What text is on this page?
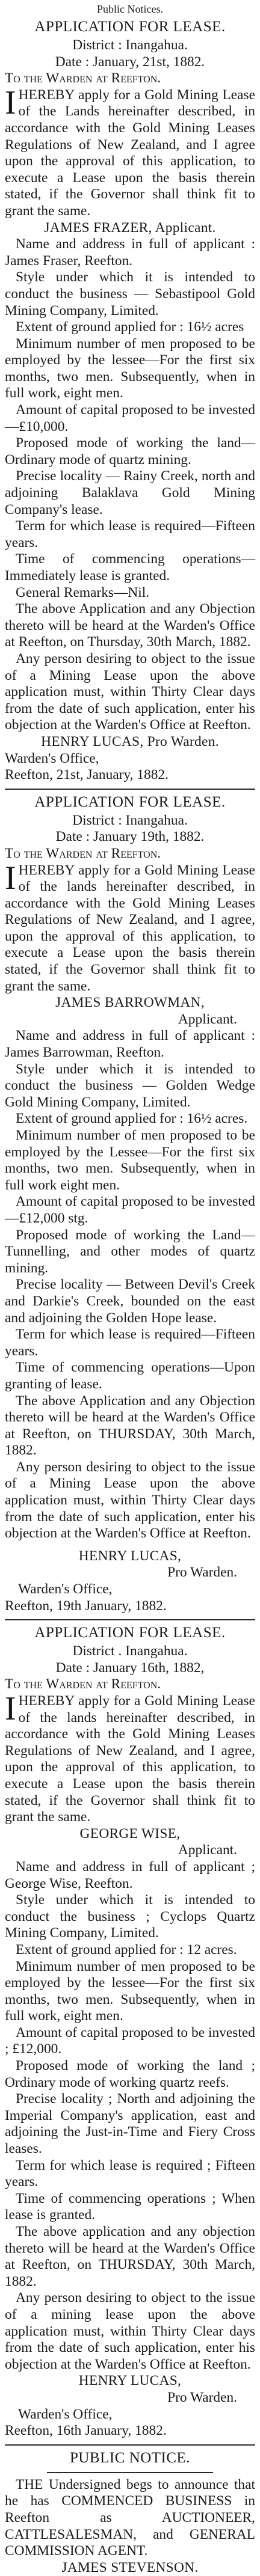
Public Notices.
APPLICATION FOR LEASE.
District : Inangahua.
Date : January, 21st, 1882.
To the Warden at Reefton.

IHEREBY apply for a Gold Mining Lease of the Lands hereinafter described, in accordance with the Gold Mining Leases Regulations of New Zealand, and I agree upon the approval of this application, to execute a Lease upon the basis therein stated, if the Governor shall think fit to grant the same.

JAMES FRAZER, Applicant.

Name and address in full of applicant : James Fraser, Reefton.

Style under which it is intended to conduct the business — Sebastipool Gold Mining Company, Limited.

Extent of ground applied for : 16½ acres

Minimum number of men proposed to be employed by the lessee—For the first six months, two men. Subsequently, when in full work, eight men.

Amount of capital proposed to be invested—£10,000.

Proposed mode of working the land—Ordinary mode of quartz mining.

Precise locality — Rainy Creek, north and adjoining Balaklava Gold Mining Company's lease.

Term for which lease is required—Fifteen years.

Time of commencing operations—Immediately lease is granted.

General Remarks—Nil.

The above Application and any Objection thereto will be heard at the Warden's Office at Reefton, on Thursday, 30th March, 1882.

Any person desiring to object to the issue of a Mining Lease upon the above application must, within Thirty Clear days from the date of such application, enter his objection at the Warden's Office at Reefton.

HENRY LUCAS, Pro Warden.
Warden's Office,
Reefton, 21st, January, 1882.
APPLICATION FOR LEASE.
District : Inangahua.
Date : January 19th, 1882.
To the Warden at Reefton.

IHEREBY apply for a Gold Mining Lease of the lands hereinafter described, in accordance with the Gold Mining Leases Regulations of New Zealand, and I agree, upon the approval of this application, to execute a Lease upon the basis therein stated, if the Governor shall think fit to grant the same.

JAMES BARROWMAN,
Applicant.

Name and address in full of applicant : James Barrowman, Reefton.

Style under which it is intended to conduct the business — Golden Wedge Gold Mining Company, Limited.

Extent of ground applied for : 16½ acres.

Minimum number of men proposed to be employed by the Lessee—For the first six months, two men. Subsequently, when in full work eight men.

Amount of capital proposed to be invested—£12,000 stg.

Proposed mode of working the Land—Tunnelling, and other modes of quartz mining.

Precise locality — Between Devil's Creek and Darkie's Creek, bounded on the east and adjoining the Golden Hope lease.

Term for which lease is required—Fifteen years.

Time of commencing operations—Upon granting of lease.

The above Application and any Objection thereto will be heard at the Warden's Office at Reefton, on THURSDAY, 30th March, 1882.

Any person desiring to object to the issue of a Mining Lease upon the above application must, within Thirty Clear days from the date of such application, enter his objection at the Warden's Office at Reefton.

HENRY LUCAS,
Pro Warden.
Warden's Office,
Reefton, 19th January, 1882.
APPLICATION FOR LEASE.
District . Inangahua.
Date : January 16th, 1882,
To the Warden at Reefton.

IHEREBY apply for a Gold Mining Lease of the lands hereinafter described, in accordance with the Gold Mining Leases Regulations of New Zealand, and I agree, upon the approval of this application, to execute a Lease upon the basis therein stated, if the Governor shall think fit to grant the same.

GEORGE WISE,
Applicant.

Name and address in full of applicant ; George Wise, Reefton.

Style under which it is intended to conduct the business ; Cyclops Quartz Mining Company, Limited.

Extent of ground applied for : 12 acres.

Minimum number of men proposed to be employed by the lessee—For the first six months, two men. Subsequently, when in full work, eight men.

Amount of capital proposed to be invested ; £12,000.

Proposed mode of working the land ; Ordinary mode of working quartz reefs.

Precise locality ; North and adjoining the Imperial Company's application, east and adjoining the Just-in-Time and Fiery Cross leases.

Term for which lease is required ; Fifteen years.

Time of commencing operations ; When lease is granted.

The above application and any objection thereto will be heard at the Warden's Office at Reefton, on THURSDAY, 30th March, 1882.

Any person desiring to object to the issue of a mining lease upon the above application must, within Thirty Clear days from the date of such application, enter his objection at the Warden's Office at Reefton.

HENRY LUCAS,
Pro Warden.
Warden's Office,
Reefton, 16th January, 1882.
PUBLIC NOTICE.

THE Undersigned begs to announce that he has COMMENCED BUSINESS in Reefton as AUCTIONEER, CATTLESALESMAN, and GENERAL COMMISSION AGENT.

JAMES STEVENSON.
